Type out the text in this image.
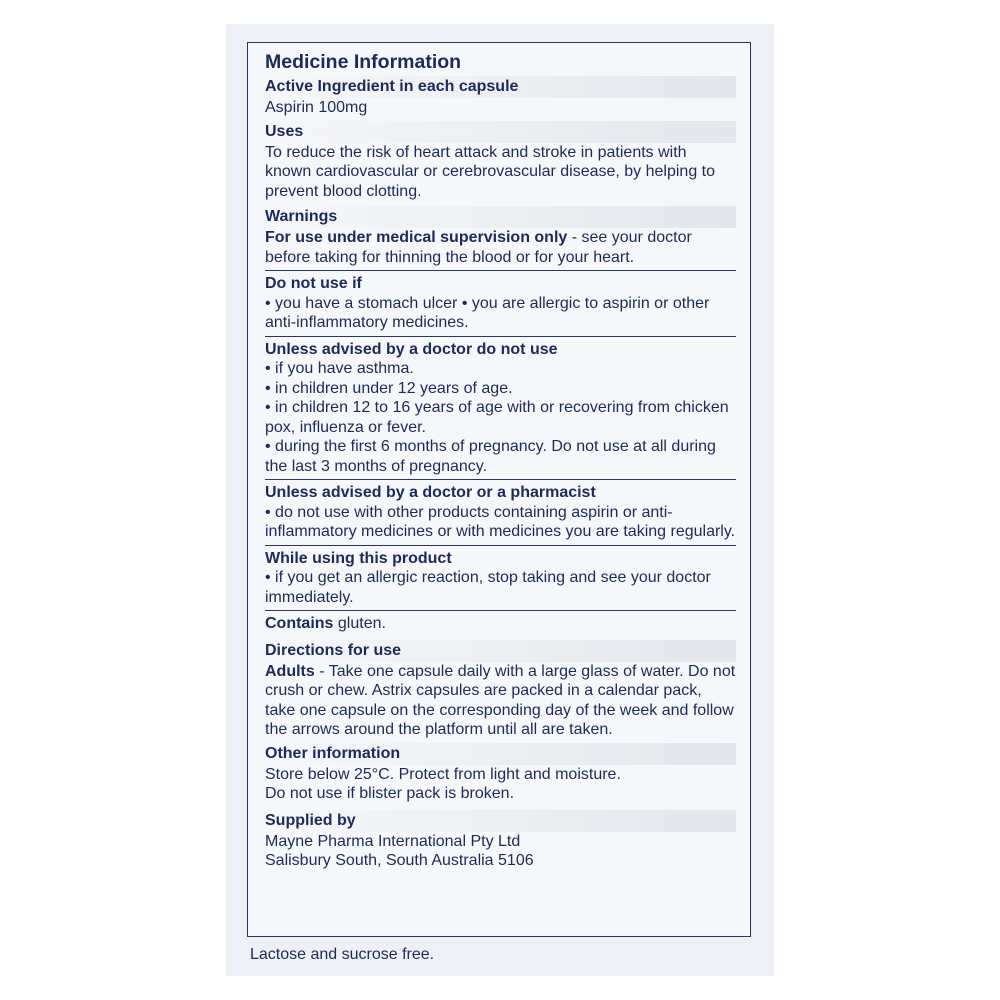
Medicine Information
Active Ingredient in each capsule

Aspirin 100mg

Uses

To reduce the risk of heart attack and stroke in patients with known cardiovascular or cerebrovascular disease, by helping to prevent blood clotting.

Warnings

For use under medical supervision only - see your doctor before taking for thinning the blood or for your heart.

Do not use if

• you have a stomach ulcer • you are allergic to aspirin or other anti-inflammatory medicines.

Unless advised by a doctor do not use

• if you have asthma.

• in children under 12 years of age.

• in children 12 to 16 years of age with or recovering from chicken pox, influenza or fever.

• during the first 6 months of pregnancy. Do not use at all during the last 3 months of pregnancy.

Unless advised by a doctor or a pharmacist

• do not use with other products containing aspirin or anti-inflammatory medicines or with medicines you are taking regularly.

While using this product

• if you get an allergic reaction, stop taking and see your doctor immediately.

Contains gluten.

Directions for use

Adults - Take one capsule daily with a large glass of water. Do not crush or chew. Astrix capsules are packed in a calendar pack, take one capsule on the corresponding day of the week and follow the arrows around the platform until all are taken.

Other information

Store below 25°C. Protect from light and moisture.

Do not use if blister pack is broken.

Supplied by

Mayne Pharma International Pty Ltd

Salisbury South, South Australia 5106

Lactose and sucrose free.
